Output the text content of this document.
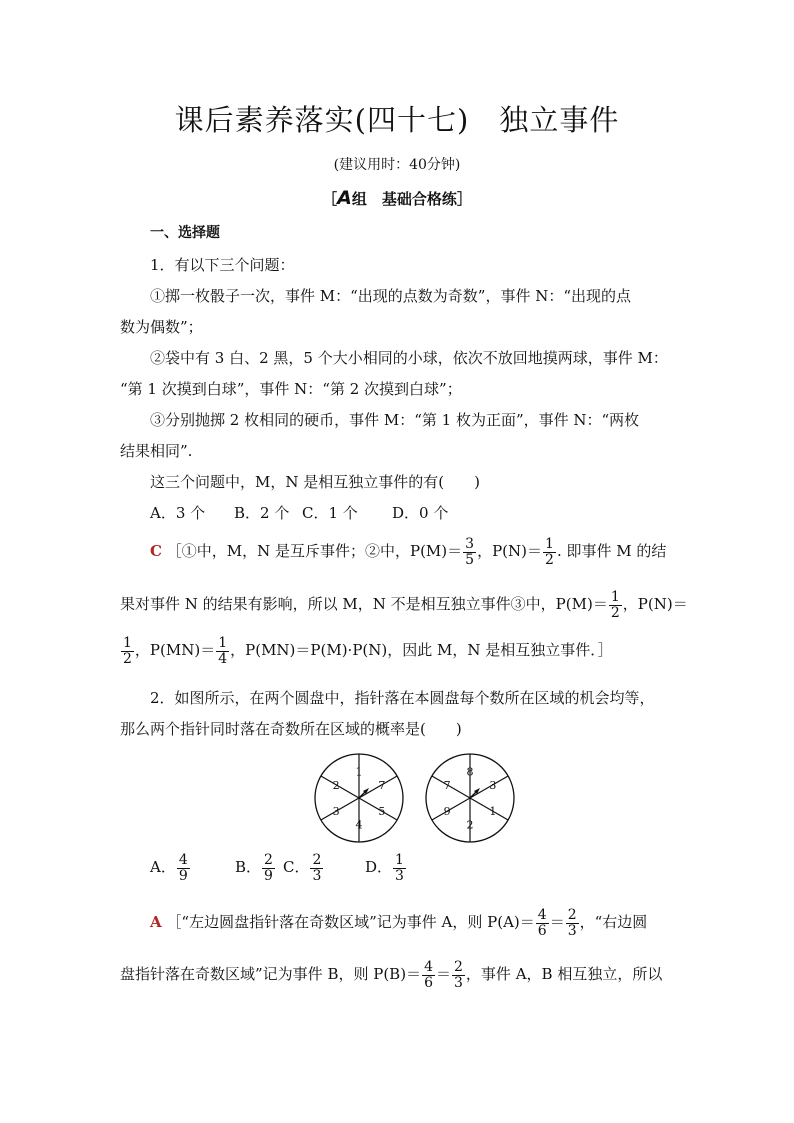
课后素养落实(四十七) 独立事件
(建议用时：40分钟)
［A组　基础合格练］
一、选择题
1．有以下三个问题：
①掷一枚骰子一次，事件 M：“出现的点数为奇数”，事件 N：“出现的点
数为偶数”；
②袋中有 3 白、2 黑，5 个大小相同的小球，依次不放回地摸两球，事件 M：
“第 1 次摸到白球”，事件 N：“第 2 次摸到白球”；
③分别抛掷 2 枚相同的硬币，事件 M：“第 1 枚为正面”，事件 N：“两枚
结果相同”.
这三个问题中，M，N 是相互独立事件的有(　　)
A．3 个 B．2 个 C．1 个 D．0 个
C ［①中，M，N 是互斥事件；②中，$P(M)= \frac{3}{5}$ ，$P(N)= \frac{1}{2}$ . 即事件 M 的结
果对事件 N 的结果有影响，所以 M，N 不是相互独立事件③中，$P(M)= \frac{1}{2}$ ，P(N)＝
$\frac{1}{2}$ ，$P(MN)= \frac{1}{4}$ ，P(MN)＝P(M)·P(N)，因此 M，N 是相互独立事件．］
2．如图所示，在两个圆盘中，指针落在本圆盘每个数所在区域的机会均等，
那么两个指针同时落在奇数所在区域的概率是(　　)
1
7
5
4
3
2
8
3
1
2
9
7
A． $\frac{4}{9}$	B． $\frac{2}{9}$ C． $\frac{2}{3}$	D． $\frac{1}{3}$
A ［“左边圆盘指针落在奇数区域”记为事件 A，则 $P(A)= \frac{4}{6} = \frac{2}{3}$ ，“右边圆
盘指针落在奇数区域”记为事件 B，则 $P(B)= \frac{4}{6} = \frac{2}{3}$ ，事件 A，B 相互独立，所以
